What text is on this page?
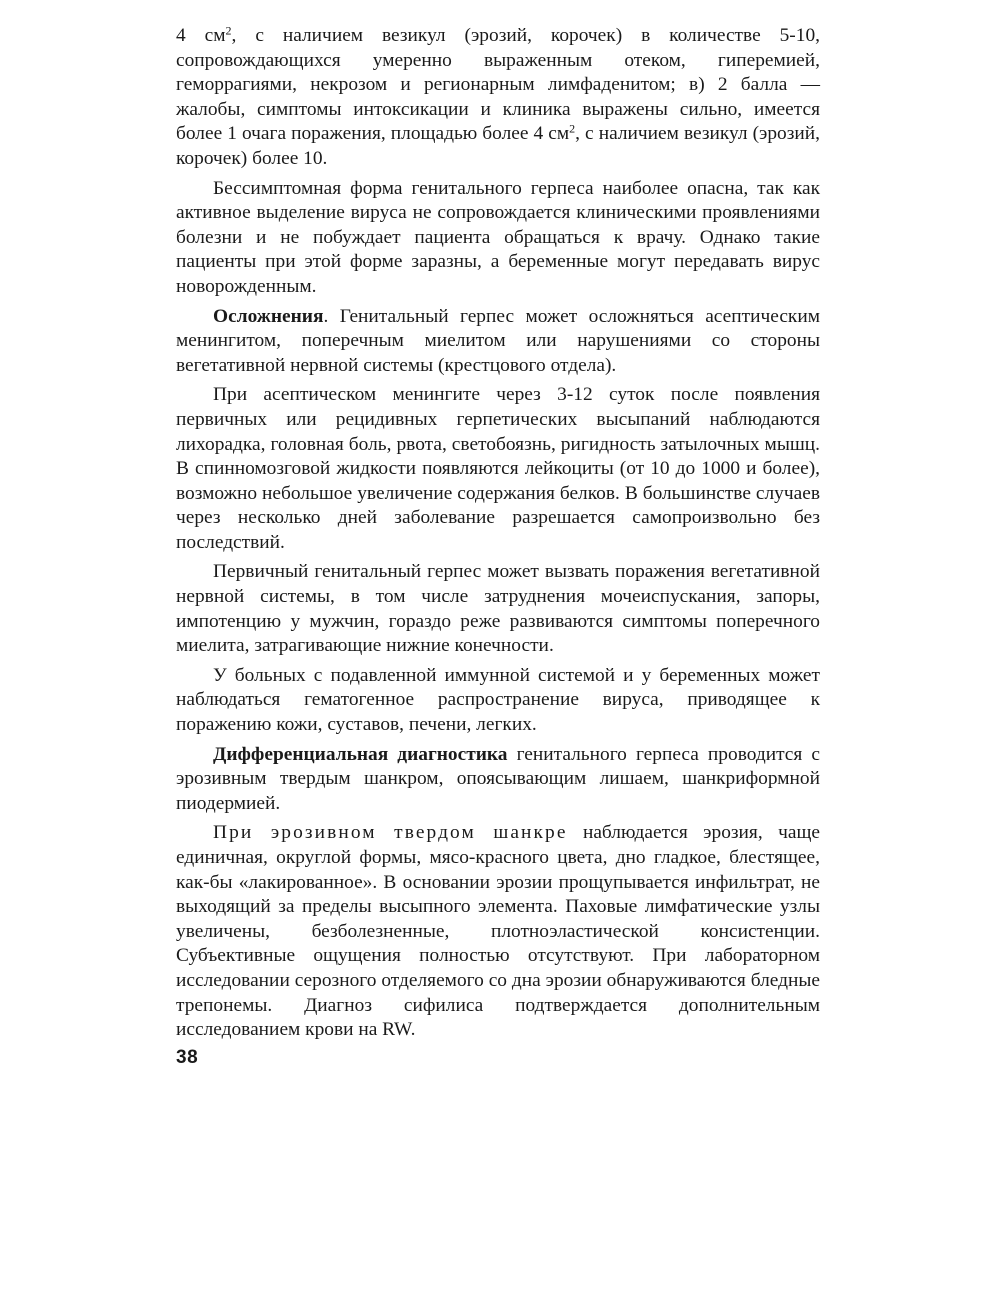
4 $см^2$, с наличием везикул (эрозий, корочек) в количестве 5-10, сопровождающихся умеренно выраженным отеком, гиперемией, геморрагиями, некрозом и регионарным лимфаденитом; в) 2 балла — жалобы, симптомы интоксикации и клиника выражены сильно, имеется более 1 очага поражения, площадью более 4 $см^2$, с наличием везикул (эрозий, корочек) более 10.

Бессимптомная форма генитального герпеса наиболее опасна, так как активное выделение вируса не сопровождается клиническими проявлениями болезни и не побуждает пациента обращаться к врачу. Однако такие пациенты при этой форме заразны, а беременные могут передавать вирус новорожденным.

Осложнения. Генитальный герпес может осложняться асептическим менингитом, поперечным миелитом или нарушениями со стороны вегетативной нервной системы (крестцового отдела).

При асептическом менингите через 3-12 суток после появления первичных или рецидивных герпетических высыпаний наблюдаются лихорадка, головная боль, рвота, светобоязнь, ригидность затылочных мышц. В спинномозговой жидкости появляются лейкоциты (от 10 до 1000 и более), возможно небольшое увеличение содержания белков. В большинстве случаев через несколько дней заболевание разрешается самопроизвольно без последствий.

Первичный генитальный герпес может вызвать поражения вегетативной нервной системы, в том числе затруднения мочеиспускания, запоры, импотенцию у мужчин, гораздо реже развиваются симптомы поперечного миелита, затрагивающие нижние конечности.

У больных с подавленной иммунной системой и у беременных может наблюдаться гематогенное распространение вируса, приводящее к поражению кожи, суставов, печени, легких.

Дифференциальная диагностика генитального герпеса проводится с эрозивным твердым шанкром, опоясывающим лишаем, шанкриформной пиодермией.

При эрозивном твердом шанкре наблюдается эрозия, чаще единичная, округлой формы, мясо-красного цвета, дно гладкое, блестящее, как-бы «лакированное». В основании эрозии прощупывается инфильтрат, не выходящий за пределы высыпного элемента. Паховые лимфатические узлы увеличены, безболезненные, плотноэластической консистенции. Субъективные ощущения полностью отсутствуют. При лабораторном исследовании серозного отделяемого со дна эрозии обнаруживаются бледные трепонемы. Диагноз сифилиса подтверждается дополнительным исследованием крови на RW.

38
